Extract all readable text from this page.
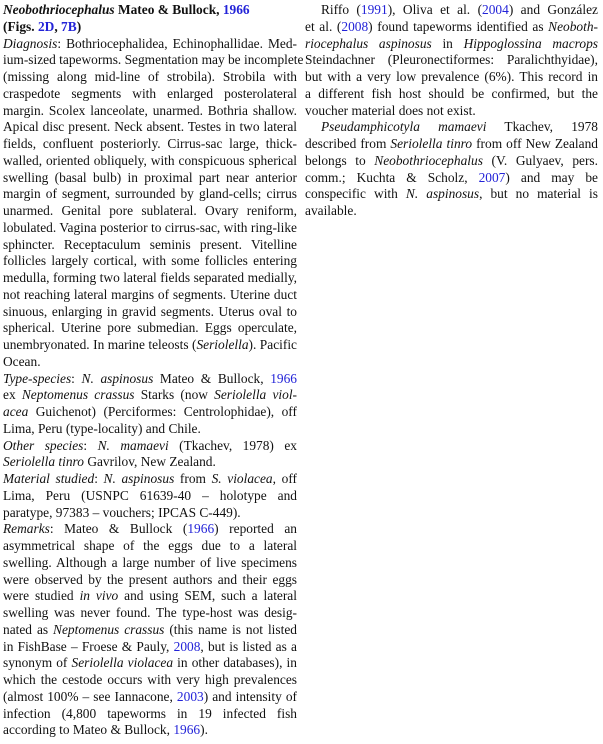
Neobothriocephalus Mateo & Bullock, 1966
(Figs. 2D, 7B)
Diagnosis: Bothriocephalidea, Echinophallidae. Med-
ium-sized tapeworms. Segmentation may be incomplete
(missing along mid-line of strobila). Strobila with
craspedote segments with enlarged posterolateral
margin. Scolex lanceolate, unarmed. Bothria shallow.
Apical disc present. Neck absent. Testes in two lateral
fields, confluent posteriorly. Cirrus-sac large, thick-
walled, oriented obliquely, with conspicuous spherical
swelling (basal bulb) in proximal part near anterior
margin of segment, surrounded by gland-cells; cirrus
unarmed. Genital pore sublateral. Ovary reniform,
lobulated. Vagina posterior to cirrus-sac, with ring-like
sphincter. Receptaculum seminis present. Vitelline
follicles largely cortical, with some follicles entering
medulla, forming two lateral fields separated medially,
not reaching lateral margins of segments. Uterine duct
sinuous, enlarging in gravid segments. Uterus oval to
spherical. Uterine pore submedian. Eggs operculate,
unembryonated. In marine teleosts (Seriolella). Pacific
Ocean.
Type-species: N. aspinosus Mateo & Bullock, 1966
ex Neptomenus crassus Starks (now Seriolella viol-
acea Guichenot) (Perciformes: Centrolophidae), off
Lima, Peru (type-locality) and Chile.
Other species: N. mamaevi (Tkachev, 1978) ex
Seriolella tinro Gavrilov, New Zealand.
Material studied: N. aspinosus from S. violacea, off
Lima, Peru (USNPC 61639-40 – holotype and
paratype, 97383 – vouchers; IPCAS C-449).
Remarks: Mateo & Bullock (1966) reported an
asymmetrical shape of the eggs due to a lateral
swelling. Although a large number of live specimens
were observed by the present authors and their eggs
were studied in vivo and using SEM, such a lateral
swelling was never found. The type-host was desig-
nated as Neptomenus crassus (this name is not listed
in FishBase – Froese & Pauly, 2008, but is listed as a
synonym of Seriolella violacea in other databases), in
which the cestode occurs with very high prevalences
(almost 100% – see Iannacone, 2003) and intensity of
infection (4,800 tapeworms in 19 infected fish
according to Mateo & Bullock, 1966).
Riffo (1991), Oliva et al. (2004) and González
et al. (2008) found tapeworms identified as Neoboth-
riocephalus aspinosus in Hippoglossina macrops
Steindachner (Pleuronectiformes: Paralichthyidae),
but with a very low prevalence (6%). This record in
a different fish host should be confirmed, but the
voucher material does not exist.
Pseudamphicotyla mamaevi Tkachev, 1978
described from Seriolella tinro from off New Zealand
belongs to Neobothriocephalus (V. Gulyaev, pers.
comm.; Kuchta & Scholz, 2007) and may be
conspecific with N. aspinosus, but no material is
available.
